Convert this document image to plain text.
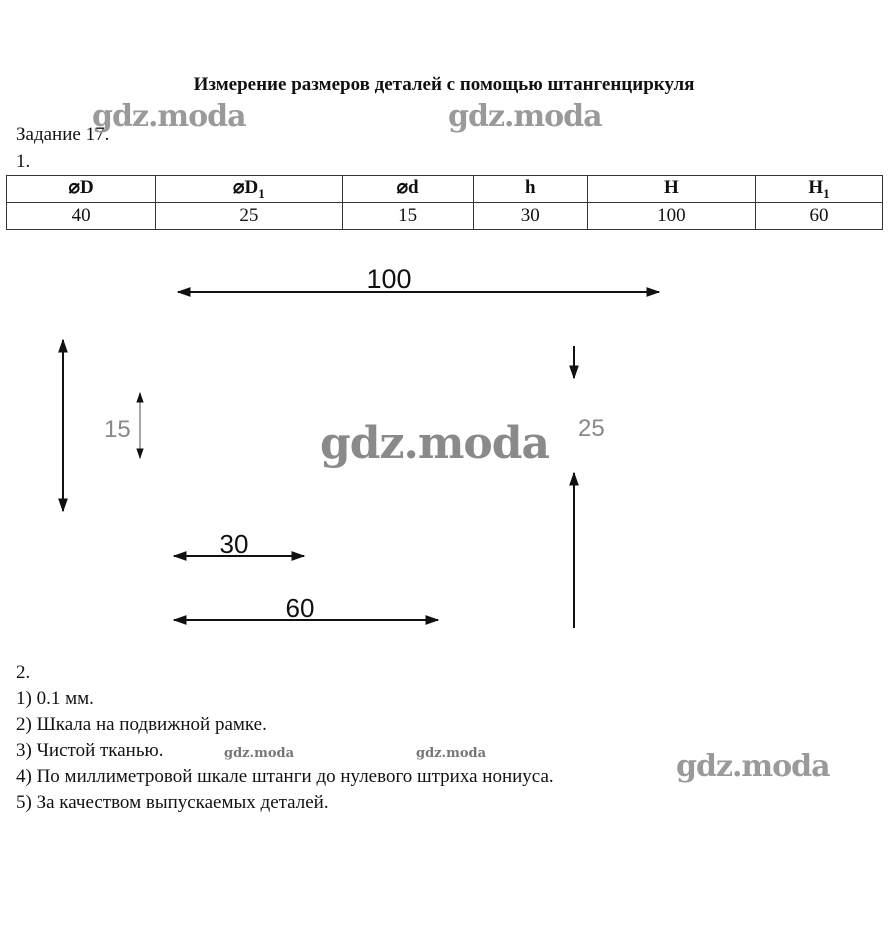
Измерение размеров деталей с помощью штангенциркуля
Задание 17.
1.
⌀D	$⌀D_1$	⌀d	h	H	$H_1$
40	25	15	30	100	60
100
15	25
30
60
2.
1) 0.1 мм.
2) Шкала на подвижной рамке.
3) Чистой тканью.
4) По миллиметровой шкале штанги до нулевого штриха нониуса.
5) За качеством выпускаемых деталей.
gdz.moda	gdz.moda
gdz.moda
gdz.moda	gdz.moda	gdz.moda
